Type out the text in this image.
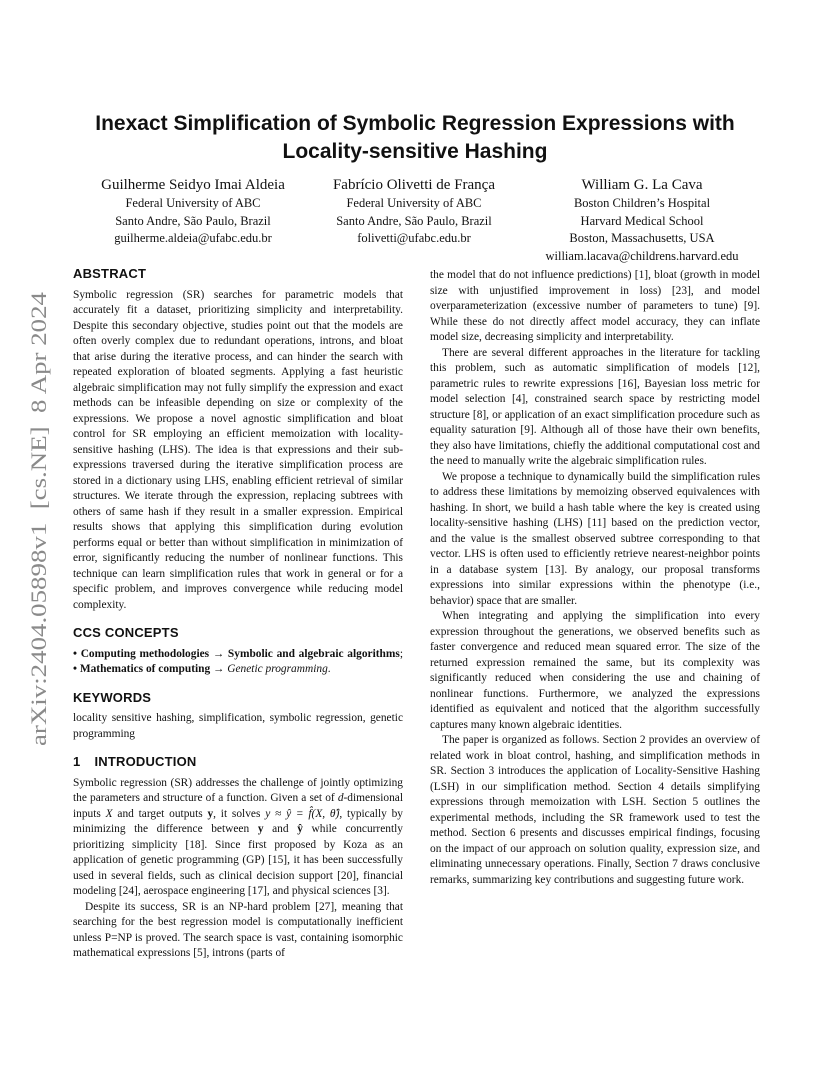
arXiv:2404.05898v1  [cs.NE]  8 Apr 2024
Inexact Simplification of Symbolic Regression Expressions with
Locality-sensitive Hashing
Guilherme Seidyo Imai Aldeia
Federal University of ABC
Santo Andre, São Paulo, Brazil
guilherme.aldeia@ufabc.edu.br
Fabrício Olivetti de França
Federal University of ABC
Santo Andre, São Paulo, Brazil
folivetti@ufabc.edu.br
William G. La Cava
Boston Children’s Hospital
Harvard Medical School
Boston, Massachusetts, USA
william.lacava@childrens.harvard.edu
ABSTRACT

Symbolic regression (SR) searches for parametric models that accurately fit a dataset, prioritizing simplicity and interpretability. Despite this secondary objective, studies point out that the models are often overly complex due to redundant operations, introns, and bloat that arise during the iterative process, and can hinder the search with repeated exploration of bloated segments. Applying a fast heuristic algebraic simplification may not fully simplify the expression and exact methods can be infeasible depending on size or complexity of the expressions. We propose a novel agnostic simplification and bloat control for SR employing an efficient memoization with locality-sensitive hashing (LHS). The idea is that expressions and their sub-expressions traversed during the iterative simplification process are stored in a dictionary using LHS, enabling efficient retrieval of similar structures. We iterate through the expression, replacing subtrees with others of same hash if they result in a smaller expression. Empirical results shows that applying this simplification during evolution performs equal or better than without simplification in minimization of error, significantly reducing the number of nonlinear functions. This technique can learn simplification rules that work in general or for a specific problem, and improves convergence while reducing model complexity.

CCS CONCEPTS

• Computing methodologies → Symbolic and algebraic algorithms; • Mathematics of computing → Genetic programming.

KEYWORDS

locality sensitive hashing, simplification, symbolic regression, genetic programming

1 INTRODUCTION

Symbolic regression (SR) addresses the challenge of jointly optimizing the parameters and structure of a function. Given a set of d-dimensional inputs X and target outputs y, it solves y ≈ ŷ = f̂(X, θ̂), typically by minimizing the difference between y and ŷ while concurrently prioritizing simplicity [18]. Since first proposed by Koza as an application of genetic programming (GP) [15], it has been successfully used in several fields, such as clinical decision support [20], financial modeling [24], aerospace engineering [17], and physical sciences [3].

Despite its success, SR is an NP-hard problem [27], meaning that searching for the best regression model is computationally inefficient unless P=NP is proved. The search space is vast, containing isomorphic mathematical expressions [5], introns (parts of

the model that do not influence predictions) [1], bloat (growth in model size with unjustified improvement in loss) [23], and model overparameterization (excessive number of parameters to tune) [9]. While these do not directly affect model accuracy, they can inflate model size, decreasing simplicity and interpretability.

There are several different approaches in the literature for tackling this problem, such as automatic simplification of models [12], parametric rules to rewrite expressions [16], Bayesian loss metric for model selection [4], constrained search space by restricting model structure [8], or application of an exact simplification procedure such as equality saturation [9]. Although all of those have their own benefits, they also have limitations, chiefly the additional computational cost and the need to manually write the algebraic simplification rules.

We propose a technique to dynamically build the simplification rules to address these limitations by memoizing observed equivalences with hashing. In short, we build a hash table where the key is created using locality-sensitive hashing (LHS) [11] based on the prediction vector, and the value is the smallest observed subtree corresponding to that vector. LHS is often used to efficiently retrieve nearest-neighbor points in a database system [13]. By analogy, our proposal transforms expressions into similar expressions within the phenotype (i.e., behavior) space that are smaller.

When integrating and applying the simplification into every expression throughout the generations, we observed benefits such as faster convergence and reduced mean squared error. The size of the returned expression remained the same, but its complexity was significantly reduced when considering the use and chaining of nonlinear functions. Furthermore, we analyzed the expressions identified as equivalent and noticed that the algorithm successfully captures many known algebraic identities.

The paper is organized as follows. Section 2 provides an overview of related work in bloat control, hashing, and simplification methods in SR. Section 3 introduces the application of Locality-Sensitive Hashing (LSH) in our simplification method. Section 4 details simplifying expressions through memoization with LSH. Section 5 outlines the experimental methods, including the SR framework used to test the method. Section 6 presents and discusses empirical findings, focusing on the impact of our approach on solution quality, expression size, and eliminating unnecessary operations. Finally, Section 7 draws conclusive remarks, summarizing key contributions and suggesting future work.
